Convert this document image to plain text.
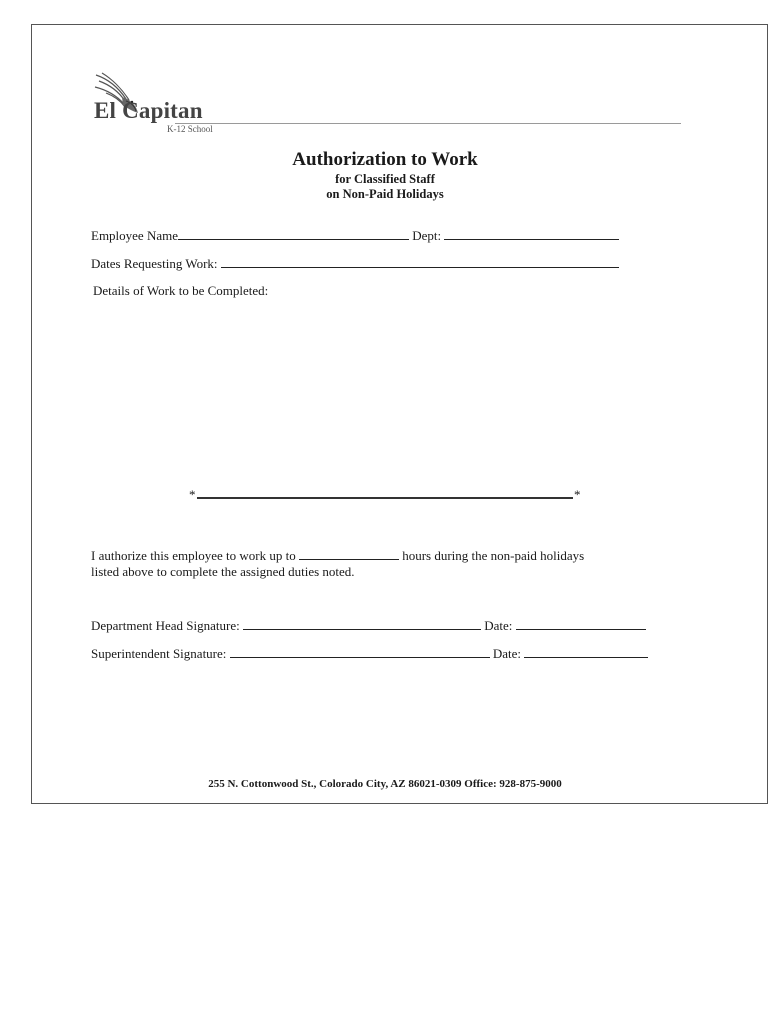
El Capitan
K-12 School
Authorization to Work
for Classified Staff
on Non-Paid Holidays
Employee Name	Dept:
Dates Requesting Work:
Details of Work to be Completed:
*	*
I authorize this employee to work up to	hours during the non-paid holidays
listed above to complete the assigned duties noted.
Department Head Signature:	Date:
Superintendent Signature:	Date:
255 N. Cottonwood St., Colorado City, AZ 86021-0309 Office: 928-875-9000
